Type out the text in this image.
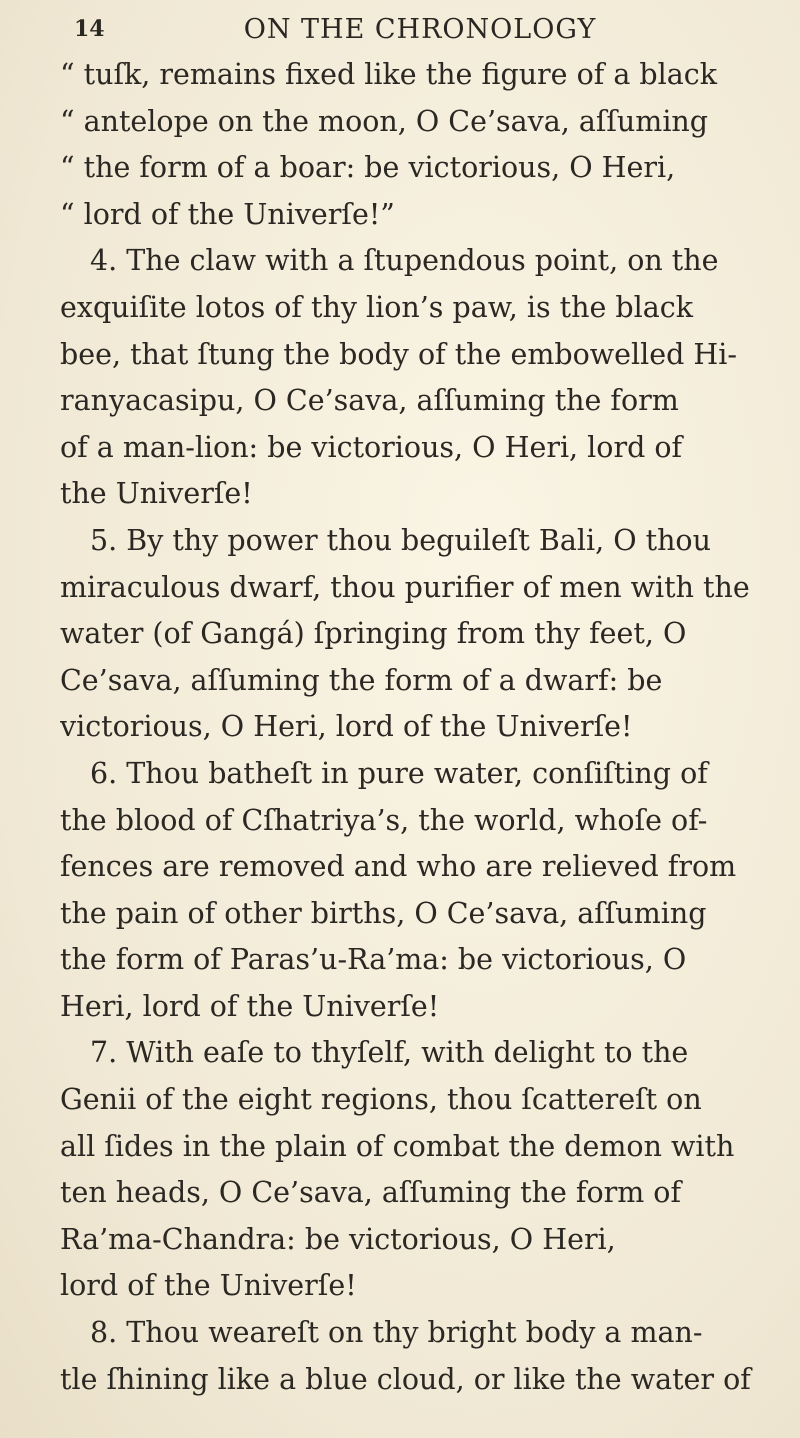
14	ON THE CHRONOLOGY
“ tuſk, remains fixed like the figure of a black
“ antelope on the moon, O Ce’sava, aſſuming
“ the form of a boar: be victorious, O Heri,
“ lord of the Univerſe!”
4. The claw with a ſtupendous point, on the
exquiſite lotos of thy lion’s paw, is the black
bee, that ſtung the body of the embowelled Hi-
ranyacasipu, O Ce’sava, aſſuming the form
of a man-lion: be victorious, O Heri, lord of
the Univerſe!
5. By thy power thou beguileſt Bali, O thou
miraculous dwarf, thou purifier of men with the
water (of Gangá) ſpringing from thy feet, O
Ce’sava, aſſuming the form of a dwarf: be
victorious, O Heri, lord of the Univerſe!
6. Thou batheſt in pure water, conſiſting of
the blood of Cſhatriya’s, the world, whoſe of-
fences are removed and who are relieved from
the pain of other births, O Ce’sava, aſſuming
the form of Paras’u-Ra’ma: be victorious, O
Heri, lord of the Univerſe!
7. With eaſe to thyſelf, with delight to the
Genii of the eight regions, thou ſcattereſt on
all ſides in the plain of combat the demon with
ten heads, O Ce’sava, aſſuming the form of
Ra’ma-Chandra: be victorious, O Heri,
lord of the Univerſe!
8. Thou weareſt on thy bright body a man-
tle ſhining like a blue cloud, or like the water of
